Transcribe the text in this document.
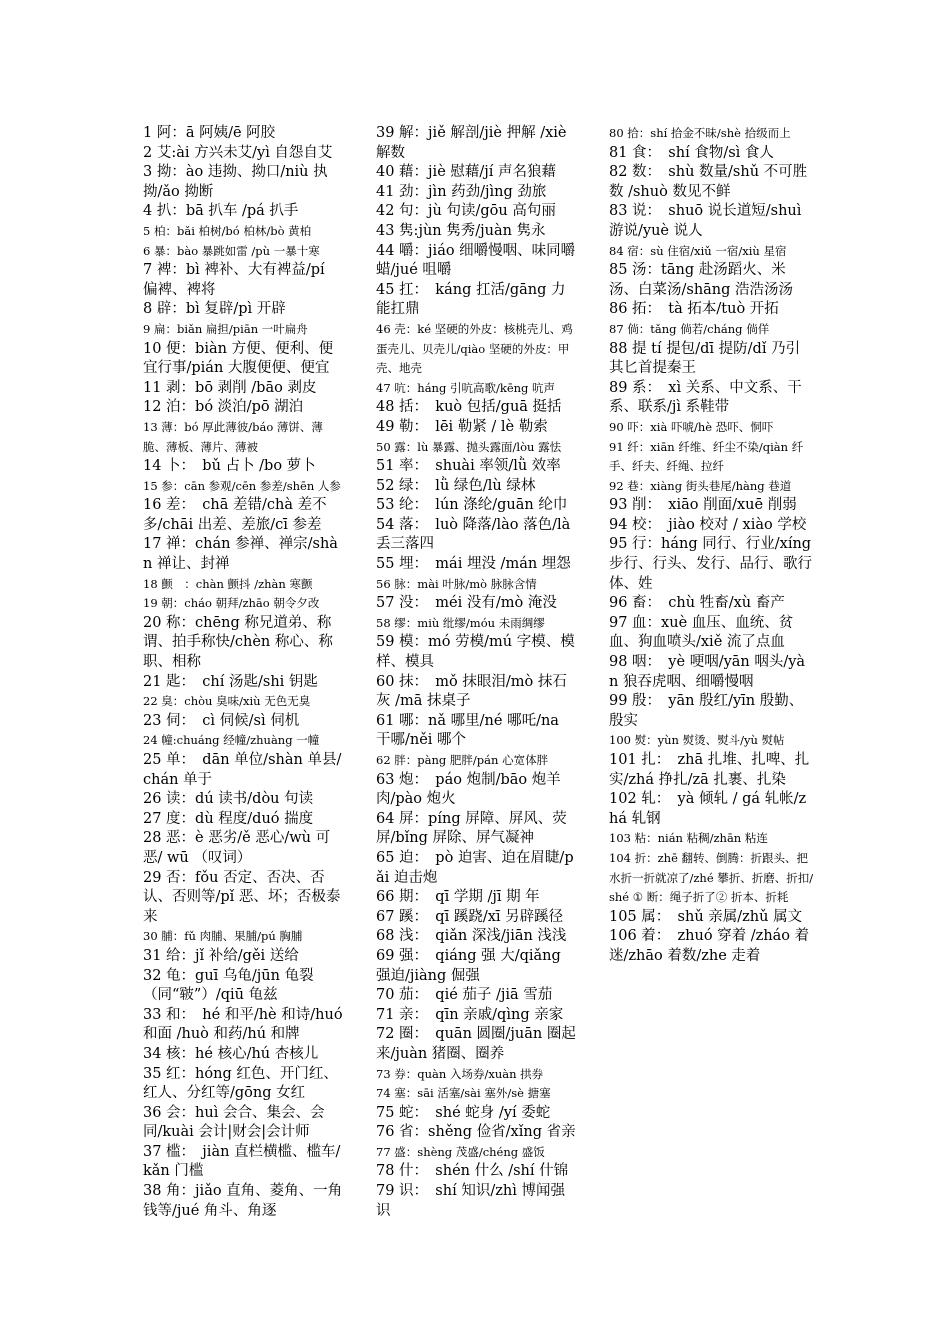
1 阿：ā 阿姨/ē 阿胶

2 艾:ài 方兴未艾/yì 自怨自艾

3 拗：ào 违拗、拗口/niù 执拗/ǎo 拗断

4 扒：bā 扒车 /pá 扒手

5 柏：bǎi 柏树/bó 柏林/bò 黄柏

6 暴：bào 暴跳如雷 /pù 一暴十寒

7 裨：bì 裨补、大有裨益/pí 偏裨、裨将

8 辟：bì 复辟/pì 开辟

9 扁：biǎn 扁担/piān 一叶扁舟

10 便：biàn 方便、便利、便宜行事/pián 大腹便便、便宜

11 剥：bō 剥削 /bāo 剥皮

12 泊：bó 淡泊/pō 湖泊

13 薄：bó 厚此薄彼/báo 薄饼、薄脆、薄板、薄片、薄被

14 卜：　bǔ 占卜 /bo 萝卜

15 参：cān 参观/cēn 参差/shēn 人参

16 差：　chā 差错/chà 差不多/chāi 出差、差旅/cī 参差

17 禅：chán 参禅、禅宗/shàn 禅让、封禅

18 颤　：chàn 颤抖 /zhàn 寒颤

19 朝：cháo 朝拜/zhāo 朝令夕改

20 称：chēng 称兄道弟、称谓、拍手称快/chèn 称心、称职、相称

21 匙：　chí 汤匙/shi 钥匙

22 臭：chòu 臭味/xiù 无色无臭

23 伺：　cì 伺候/sì 伺机

24 幢:chuáng 经幢/zhuàng 一幢

25 单：　dān 单位/shàn 单县/chán 单于

26 读：dú 读书/dòu 句读

27 度：dù 程度/duó 揣度

28 恶：è 恶劣/ě 恶心/wù 可恶/ wū （叹词）

29 否：fǒu 否定、否决、否认、否则等/pǐ 恶、坏；否极泰来

30 脯：fǔ 肉脯、果脯/pú 胸脯

31 给：jǐ 补给/gěi 送给

32 龟：guī 乌龟/jūn 龟裂（同“皲”）/qiū 龟兹

33 和：　hé 和平/hè 和诗/huó 和面 /huò 和药/hú 和牌

34 核：hé 核心/hú 杏核儿

35 红：hóng 红色、开门红、红人、分红等/gōng 女红

36 会：huì 会合、集会、会同/kuài 会计|财会|会计师

37 槛：　jiàn 直栏横槛、槛车/kǎn 门槛

38 角：jiǎo 直角、菱角、一角钱等/jué 角斗、角逐

39 解：jiě 解剖/jiè 押解 /xiè 解数

40 藉：jiè 慰藉/jí 声名狼藉

41 劲：jìn 药劲/jìng 劲旅

42 句：jù 句读/gōu 高句丽

43 隽:jùn 隽秀/juàn 隽永

44 嚼：jiáo 细嚼慢咽、味同嚼蜡/jué 咀嚼

45 扛：　káng 扛活/gāng 力能扛鼎

46 壳：ké 坚硬的外皮：核桃壳儿、鸡蛋壳儿、贝壳儿/qiào 坚硬的外皮：甲壳、地壳

47 吭：háng 引吭高歌/kēng 吭声

48 括：　kuò 包括/guā 挺括

49 勒：　lēi 勒紧 / lè 勒索

50 露：lù 暴露、抛头露面/lòu 露怯

51 率：　shuài 率领/lǜ 效率

52 绿：　lǜ 绿色/lù 绿林

53 纶：　lún 涤纶/guān 纶巾

54 落：　luò 降落/lào 落色/là 丢三落四

55 埋：　mái 埋没 /mán 埋怨

56 脉：mài 叶脉/mò 脉脉含情

57 没：　méi 没有/mò 淹没

58 缪：miù 纰缪/móu 未雨绸缪

59 模：mó 劳模/mú 字模、模样、模具

60 抹：　mǒ 抹眼泪/mò 抹石灰 /mā 抹桌子

61 哪：nǎ 哪里/né 哪吒/na 干哪/něi 哪个

62 胖：pàng 肥胖/pán 心宽体胖

63 炮：　páo 炮制/bāo 炮羊肉/pào 炮火

64 屏：píng 屏障、屏风、荧屏/bǐng 屏除、屏气凝神

65 迫：　pò 迫害、迫在眉睫/pǎi 迫击炮

66 期：　qī 学期 /jī 期 年

67 蹊：　qī 蹊跷/xī 另辟蹊径

68 浅：　qiǎn 深浅/jiān 浅浅

69 强：　qiáng 强 大/qiǎng 强迫/jiàng 倔强

70 茄：　qié 茄子 /jiā 雪茄

71 亲：　qīn 亲戚/qìng 亲家

72 圈：　quān 圆圈/juān 圈起来/juàn 猪圈、圈养

73 券：quàn 入场券/xuàn 拱券

74 塞：sāi 活塞/sài 塞外/sè 搪塞

75 蛇：　shé 蛇身 /yí 委蛇

76 省：shěng 俭省/xǐng 省亲

77 盛：shèng 茂盛/chéng 盛饭

78 什：　shén 什么 /shí 什锦

79 识：　shí 知识/zhì 博闻强识

80 拾：shí 拾金不昧/shè 拾级而上

81 食：　shí 食物/sì 食人

82 数：　shù 数量/shǔ 不可胜数 /shuò 数见不鲜

83 说：　shuō 说长道短/shuì 游说/yuè 说人

84 宿：sù 住宿/xiǔ 一宿/xiù 星宿

85 汤：tāng 赴汤蹈火、米汤、白菜汤/shāng 浩浩汤汤

86 拓：　tà 拓本/tuò 开拓

87 倘：tǎng 倘若/cháng 倘佯

88 提 tí 提包/dī 提防/dǐ 乃引其匕首提秦王

89 系：　xì 关系、中文系、干系、联系/jì 系鞋带

90 吓：xià 吓唬/hè 恐吓、恫吓

91 纤：xiān 纤维、纤尘不染/qiàn 纤手、纤夫、纤绳、拉纤

92 巷：xiàng 街头巷尾/hàng 巷道

93 削：　xiāo 削面/xuē 削弱

94 校：　jiào 校对 / xiào 学校

95 行：háng 同行、行业/xíng 步行、行头、发行、品行、歌行体、姓

96 畜：　chù 牲畜/xù 畜产

97 血：xuè 血压、血统、贫血、狗血喷头/xiě 流了点血

98 咽：　yè 哽咽/yān 咽头/yàn 狼吞虎咽、细嚼慢咽

99 殷：　yān 殷红/yīn 殷勤、殷实

100 熨：yùn 熨烫、熨斗/yù 熨帖

101 扎：　zhā 扎堆、扎啤、扎实/zhá 挣扎/zā 扎裹、扎染

102 轧：　yà 倾轧 / gá 轧帐/zhá 轧钢

103 粘：nián 粘稠/zhān 粘连

104 折：zhē 翻转、倒腾：折跟头、把水折一折就凉了/zhé 攀折、折磨、折扣/shé ① 断：绳子折了② 折本、折耗

105 属：　shǔ 亲属/zhǔ 属文

106 着：　zhuó 穿着 /zháo 着迷/zhāo 着数/zhe 走着
